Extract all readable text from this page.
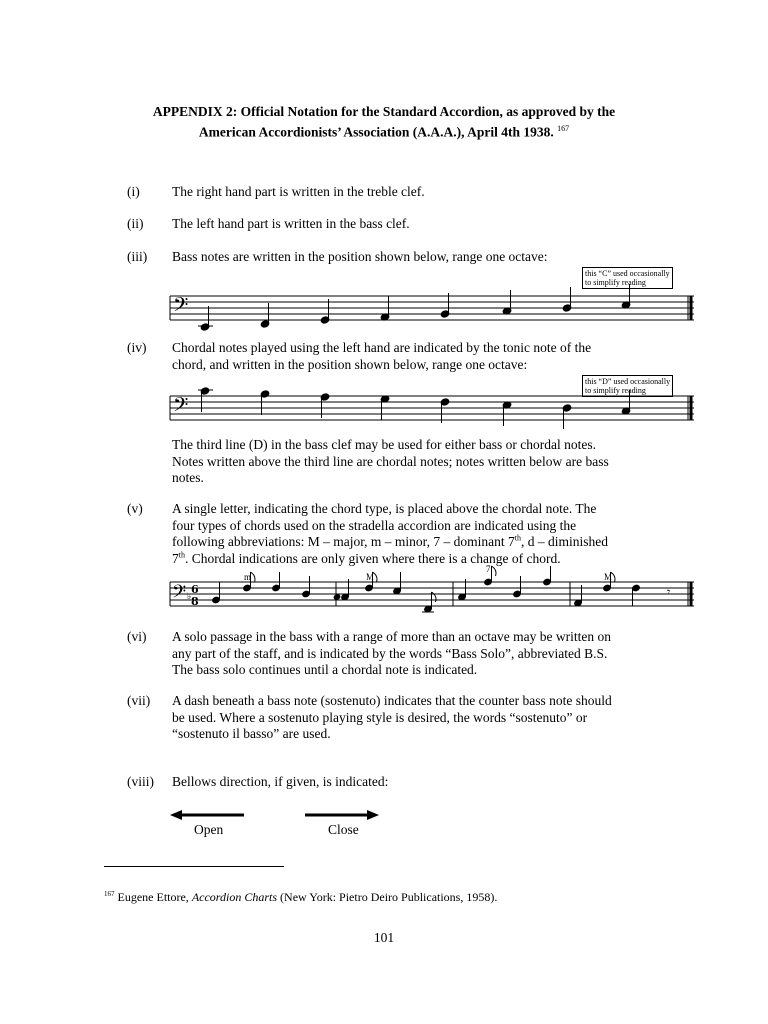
APPENDIX 2: Official Notation for the Standard Accordion, as approved by the
American Accordionists’ Association (A.A.A.), April 4th 1938. $^{167}$
(i) The right hand part is written in the treble clef.
(ii) The left hand part is written in the bass clef.
(iii) Bass notes are written in the position shown below, range one octave:
this “C” used occasionally
to simplify reading
𝄢
(iv) Chordal notes played using the left hand are indicated by the tonic note of the
chord, and written in the position shown below, range one octave:
this “D” used occasionally
to simplify reading
𝄢
The third line (D) in the bass clef may be used for either bass or chordal notes.
Notes written above the third line are chordal notes; notes written below are bass
notes.
(v) A single letter, indicating the chord type, is placed above the chordal note. The
four types of chords used on the stradella accordion are indicated using the
following abbreviations: M – major, m – minor, 7 – dominant 7th, d – diminished
7th. Chordal indications are only given where there is a change of chord.
𝄢 6
8
♭
m	M
7
M
𝄾
(vi) A solo passage in the bass with a range of more than an octave may be written on
any part of the staff, and is indicated by the words “Bass Solo”, abbreviated B.S.
The bass solo continues until a chordal note is indicated.
(vii) A dash beneath a bass note (sostenuto) indicates that the counter bass note should
be used. Where a sostenuto playing style is desired, the words “sostenuto” or
“sostenuto il basso” are used.
(viii) Bellows direction, if given, is indicated:
Open	Close
$^{167}$ Eugene Ettore, Accordion Charts (New York: Pietro Deiro Publications, 1958).
101
